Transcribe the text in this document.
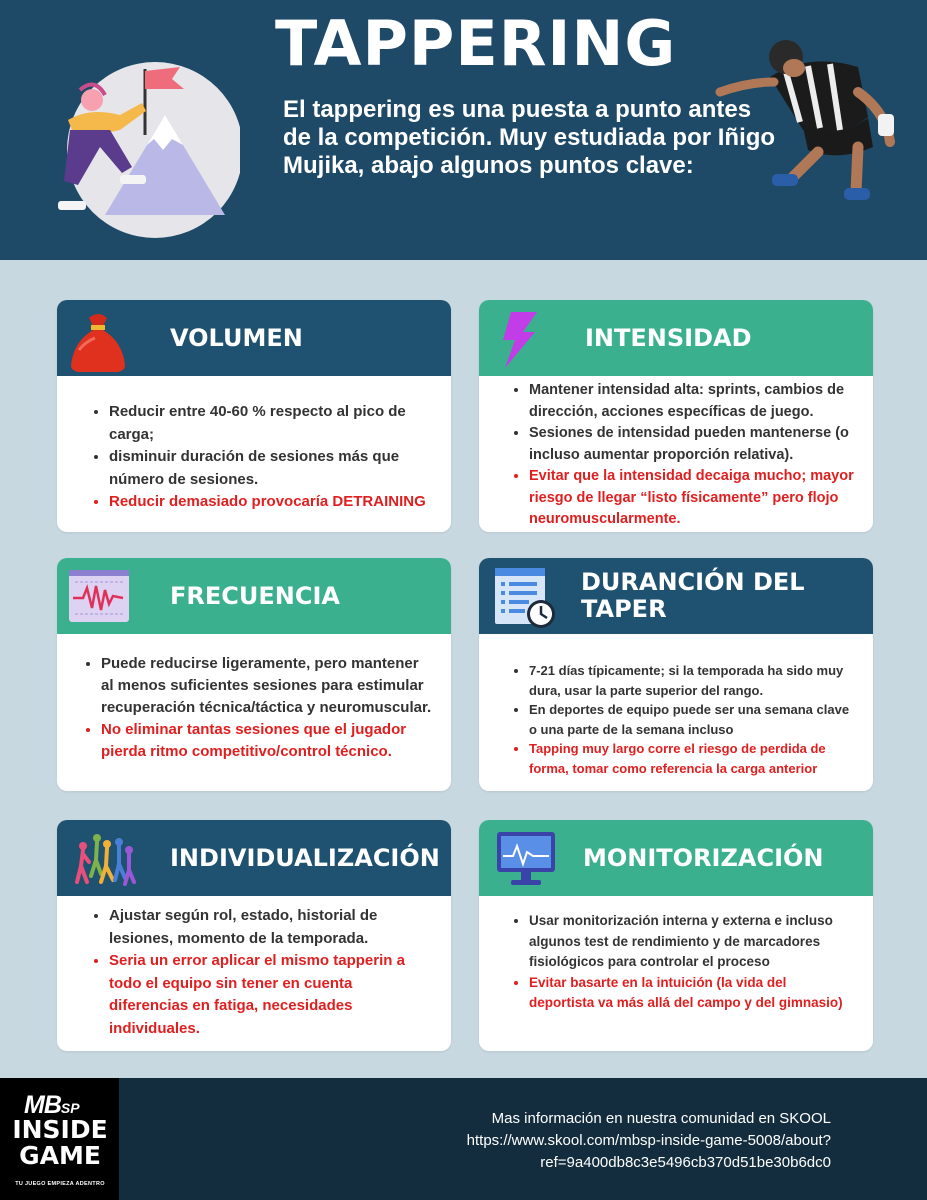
TAPPERING

El tappering es una puesta a punto antes de la competición. Muy estudiada por Iñigo Mujika, abajo algunos puntos clave:

VOLUMEN
• Reducir entre 40-60 % respecto al pico de carga;
• disminuir duración de sesiones más que número de sesiones.
• Reducir demasiado provocaría DETRAINING
INTENSIDAD
• Mantener intensidad alta: sprints, cambios de dirección, acciones específicas de juego.
• Sesiones de intensidad pueden mantenerse (o incluso aumentar proporción relativa).
• Evitar que la intensidad decaiga mucho; mayor riesgo de llegar “listo físicamente” pero flojo neuromuscularmente.
FRECUENCIA
• Puede reducirse ligeramente, pero mantener al menos suficientes sesiones para estimular recuperación técnica/táctica y neuromuscular.
• No eliminar tantas sesiones que el jugador pierda ritmo competitivo/control técnico.
DURANCIÓN DEL TAPER
• 7-21 días típicamente; si la temporada ha sido muy dura, usar la parte superior del rango.
• En deportes de equipo puede ser una semana clave o una parte de la semana incluso
• Tapping muy largo corre el riesgo de perdida de forma, tomar como referencia la carga anterior
INDIVIDUALIZACIÓN
• Ajustar según rol, estado, historial de lesiones, momento de la temporada.
• Seria un error aplicar el mismo tapperin a todo el equipo sin tener en cuenta diferencias en fatiga, necesidades individuales.
MONITORIZACIÓN
• Usar monitorización interna y externa e incluso algunos test de rendimiento y de marcadores fisiológicos para controlar el proceso
• Evitar basarte en la intuición (la vida del deportista va más allá del campo y del gimnasio)
MBSP
INSIDE
GAME
TU JUEGO EMPIEZA ADENTRO

Mas información en nuestra comunidad en SKOOL
https://www.skool.com/mbsp-inside-game-5008/about?
ref=9a400db8c3e5496cb370d51be30b6dc0
